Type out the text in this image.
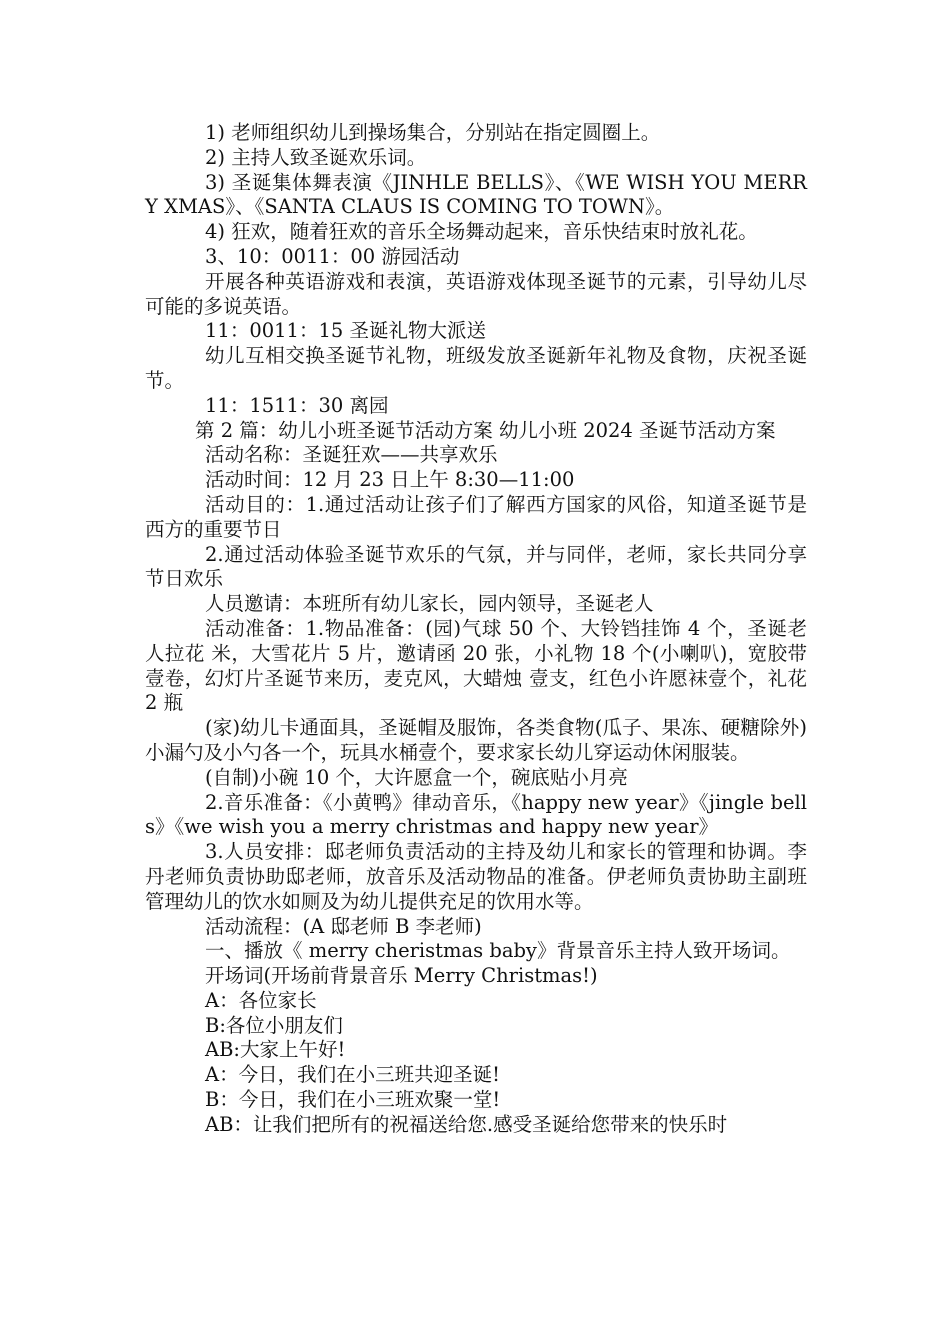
1) 老师组织幼儿到操场集合，分别站在指定圆圈上。

2) 主持人致圣诞欢乐词。

3) 圣诞集体舞表演《JINHLE BELLS》、《WE WISH YOU MERRY XMAS》、《SANTA CLAUS IS COMING TO TOWN》。

4) 狂欢，随着狂欢的音乐全场舞动起来，音乐快结束时放礼花。

3、10：0011：00 游园活动

开展各种英语游戏和表演，英语游戏体现圣诞节的元素，引导幼儿尽可能的多说英语。

11：0011：15 圣诞礼物大派送

幼儿互相交换圣诞节礼物，班级发放圣诞新年礼物及食物，庆祝圣诞节。

11：1511：30 离园

第 2 篇：幼儿小班圣诞节活动方案 幼儿小班 2024 圣诞节活动方案

活动名称：圣诞狂欢——共享欢乐

活动时间：12 月 23 日上午 8:30—11:00

活动目的：1.通过活动让孩子们了解西方国家的风俗，知道圣诞节是西方的重要节日

2.通过活动体验圣诞节欢乐的气氛，并与同伴，老师，家长共同分享节日欢乐

人员邀请：本班所有幼儿家长，园内领导，圣诞老人

活动准备：1.物品准备：(园)气球 50 个、大铃铛挂饰 4 个，圣诞老人拉花 米，大雪花片 5 片，邀请函 20 张，小礼物 18 个(小喇叭)，宽胶带壹卷，幻灯片圣诞节来历，麦克风，大蜡烛 壹支，红色小许愿袜壹个，礼花 2 瓶

(家)幼儿卡通面具，圣诞帽及服饰，各类食物(瓜子、果冻、硬糖除外)小漏勺及小勺各一个，玩具水桶壹个，要求家长幼儿穿运动休闲服装。

(自制)小碗 10 个，大许愿盒一个，碗底贴小月亮

2.音乐准备：《小黄鸭》律动音乐，《happy new year》《jingle bells》《we wish you a merry christmas and happy new year》

3.人员安排：邸老师负责活动的主持及幼儿和家长的管理和协调。李丹老师负责协助邸老师，放音乐及活动物品的准备。伊老师负责协助主副班管理幼儿的饮水如厕及为幼儿提供充足的饮用水等。

活动流程：(A 邸老师 B 李老师)

一、播放《 merry cheristmas baby》背景音乐主持人致开场词。

开场词(开场前背景音乐 Merry Christmas!)

A：各位家长

B:各位小朋友们

AB:大家上午好!

A：今日，我们在小三班共迎圣诞!

B：今日，我们在小三班欢聚一堂!

AB：让我们把所有的祝福送给您.感受圣诞给您带来的快乐时
